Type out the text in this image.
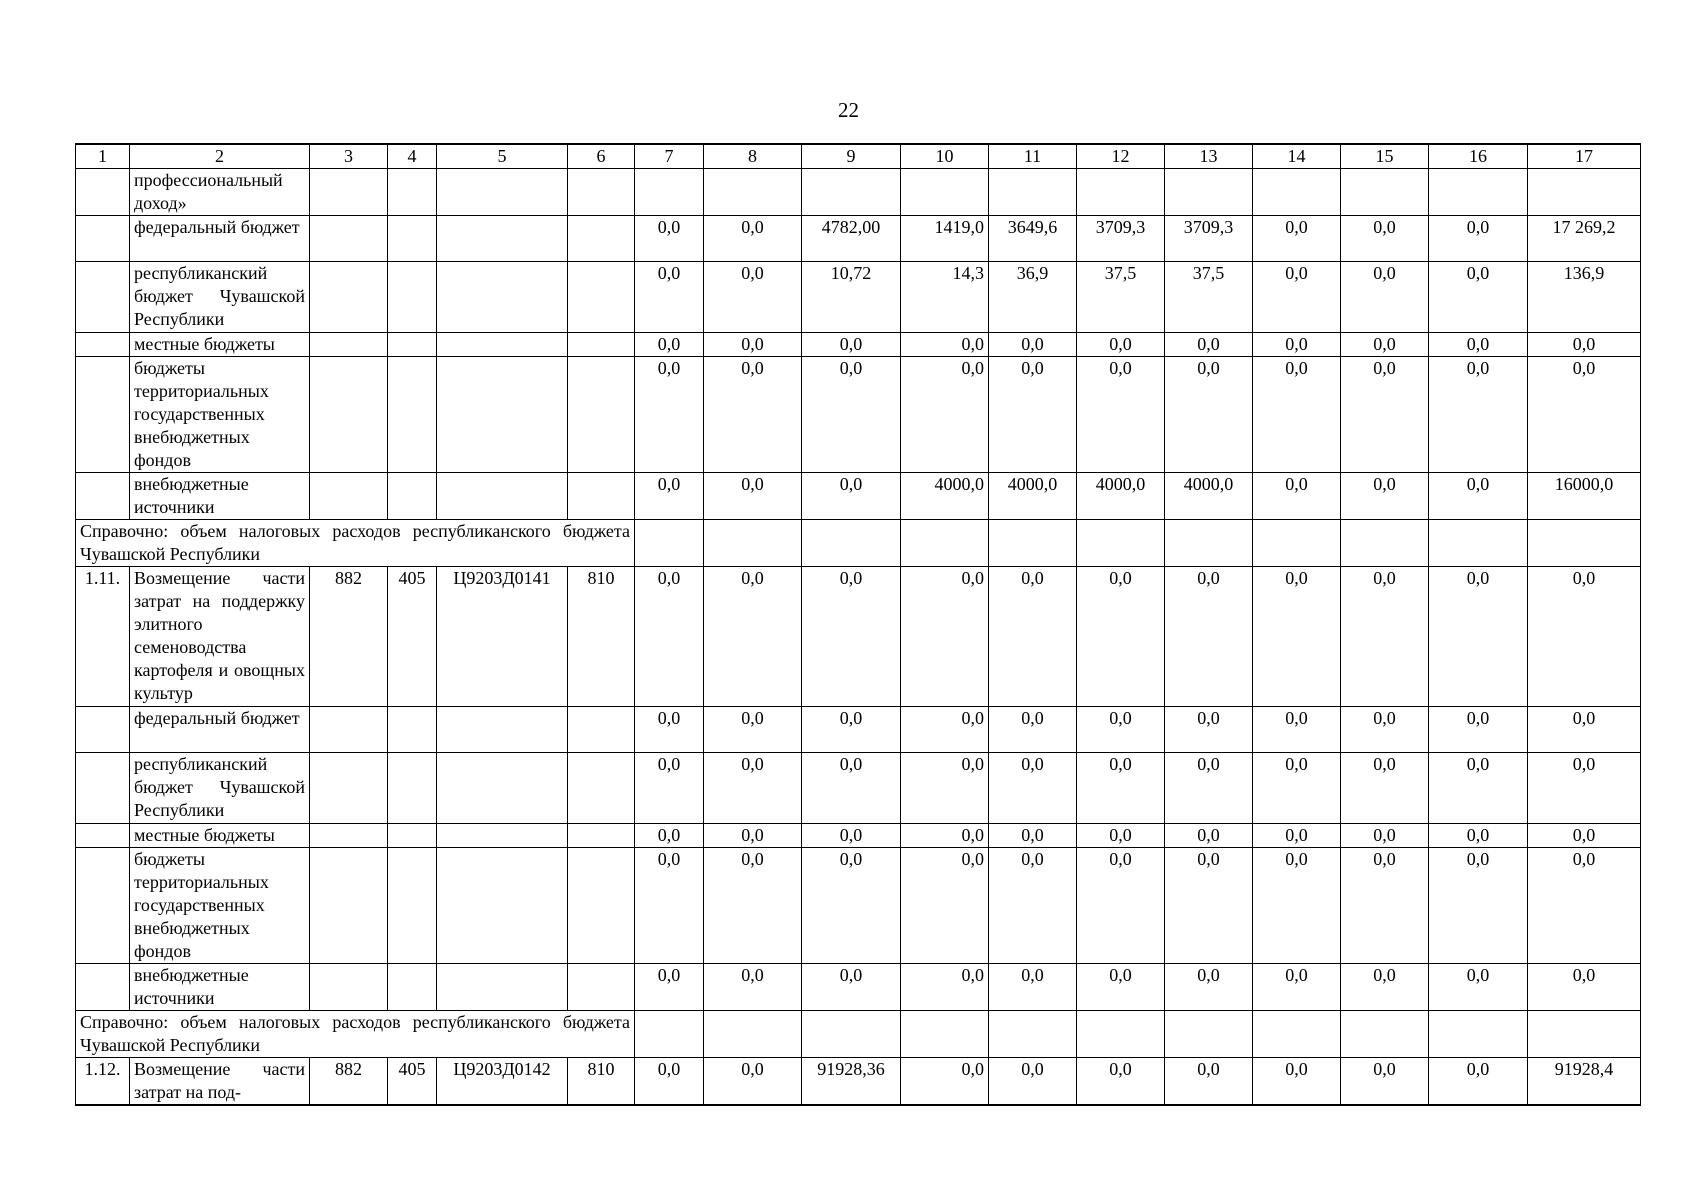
22
1	2	3	4	5	6	7	8	9	10	11	12	13	14	15	16	17
	профессиональный доход»															
	федеральный бюджет					0,0	0,0	4782,00	1419,0	3649,6	3709,3	3709,3	0,0	0,0	0,0	17 269,2
	республиканский бюджет Чувашской Республики					0,0	0,0	10,72	14,3	36,9	37,5	37,5	0,0	0,0	0,0	136,9
	местные бюджеты					0,0	0,0	0,0	0,0	0,0	0,0	0,0	0,0	0,0	0,0	0,0
	бюджеты территориальных государственных внебюджетных фондов					0,0	0,0	0,0	0,0	0,0	0,0	0,0	0,0	0,0	0,0	0,0
	внебюджетные источники					0,0	0,0	0,0	4000,0	4000,0	4000,0	4000,0	0,0	0,0	0,0	16000,0
Справочно: объем налоговых расходов республиканского бюджета Чувашской Республики																
1.11.	Возмещение части затрат на поддержку элитного семеноводства картофеля и овощных культур	882	405	Ц9203Д0141	810	0,0	0,0	0,0	0,0	0,0	0,0	0,0	0,0	0,0	0,0	0,0
	федеральный бюджет					0,0	0,0	0,0	0,0	0,0	0,0	0,0	0,0	0,0	0,0	0,0
	республиканский бюджет Чувашской Республики					0,0	0,0	0,0	0,0	0,0	0,0	0,0	0,0	0,0	0,0	0,0
	местные бюджеты					0,0	0,0	0,0	0,0	0,0	0,0	0,0	0,0	0,0	0,0	0,0
	бюджеты территориальных государственных внебюджетных фондов					0,0	0,0	0,0	0,0	0,0	0,0	0,0	0,0	0,0	0,0	0,0
	внебюджетные источники					0,0	0,0	0,0	0,0	0,0	0,0	0,0	0,0	0,0	0,0	0,0
Справочно: объем налоговых расходов республиканского бюджета Чувашской Республики																
1.12.	Возмещение части затрат на под-	882	405	Ц9203Д0142	810	0,0	0,0	91928,36	0,0	0,0	0,0	0,0	0,0	0,0	0,0	91928,4
